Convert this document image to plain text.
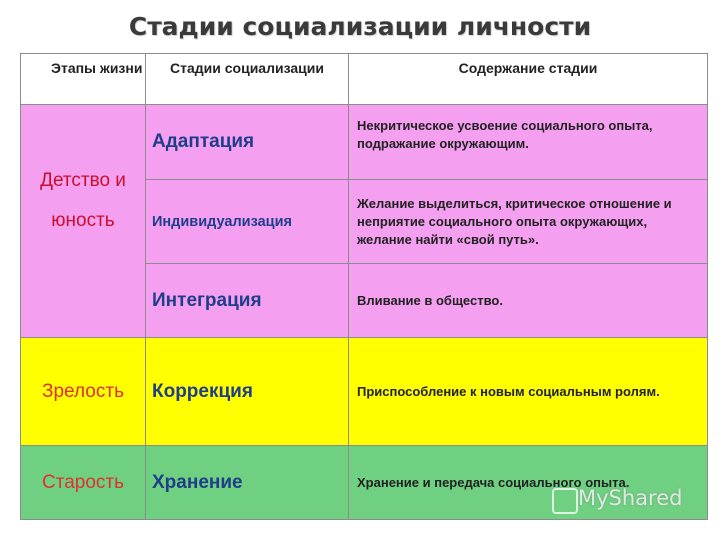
Стадии социализации личности
Этапы жизни	Стадии социализации	Содержание стадии
Детство и юность	Адаптация	Некритическое усвоение социального опыта, подражание окружающим.
	Индивидуализация	Желание выделиться, критическое отношение и неприятие социального опыта окружающих, желание найти «свой путь».
	Интеграция	Вливание в общество.
Зрелость	Коррекция	Приспособление к новым социальным ролям.
Старость	Хранение	Хранение и передача социального опыта.
MyShared
